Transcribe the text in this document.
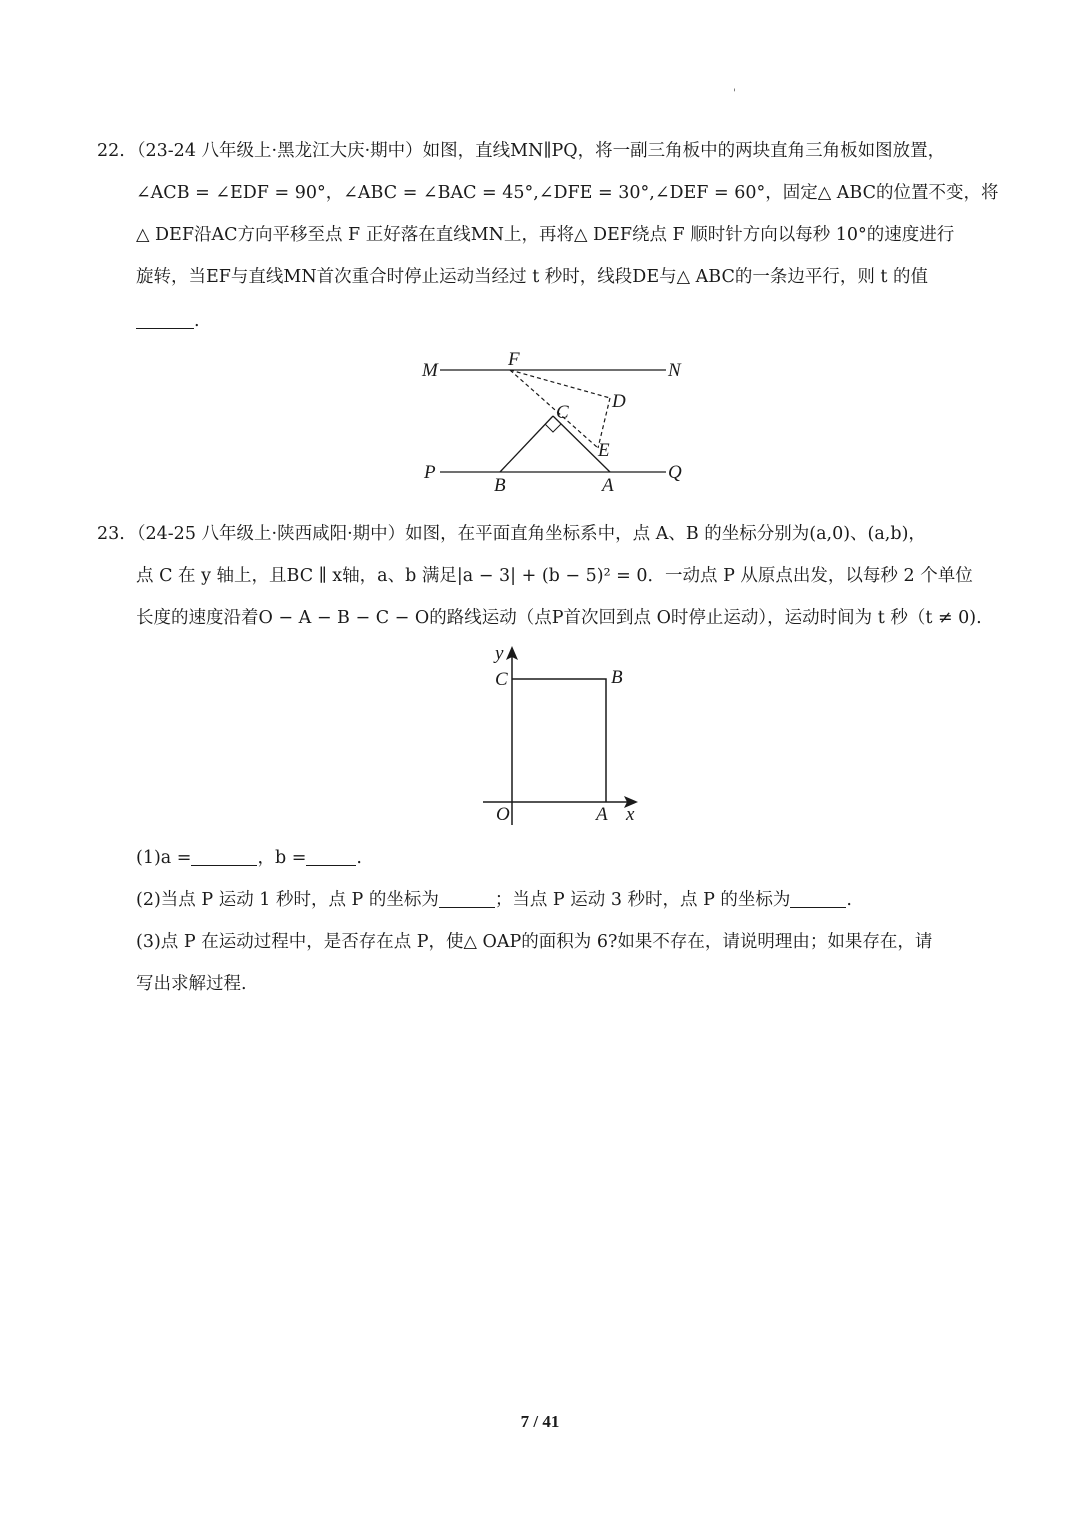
'
22. （23-24 八年级上·黑龙江大庆·期中）如图，直线MN∥PQ，将一副三角板中的两块直角三角板如图放置，
∠ACB = ∠EDF = 90°，∠ABC = ∠BAC = 45°,∠DFE = 30°,∠DEF = 60°，固定△ ABC的位置不变，将
△ DEF沿AC方向平移至点 F 正好落在直线MN上，再将△ DEF绕点 F 顺时针方向以每秒 10°的速度进行
旋转，当EF与直线MN首次重合时停止运动当经过 t 秒时，线段DE与△ ABC的一条边平行，则 t 的值
.
M	N
F
D
C
E
P	Q
B	A
23. （24-25 八年级上·陕西咸阳·期中）如图，在平面直角坐标系中，点 A、B 的坐标分别为(a,0)、(a,b)，
点 C 在 y 轴上，且BC ∥ x轴，a、b 满足|a − 3| + (b − 5)² = 0．一动点 P 从原点出发，以每秒 2 个单位
长度的速度沿着O − A − B − C − O的路线运动（点P首次回到点 O时停止运动），运动时间为 t 秒（t ≠ 0).
y
C	B
O	A x
(1)a =	，b =	.
(2)当点 P 运动 1 秒时，点 P 的坐标为	；当点 P 运动 3 秒时，点 P 的坐标为	.
(3)点 P 在运动过程中，是否存在点 P，使△ OAP的面积为 6?如果不存在，请说明理由；如果存在，请
写出求解过程.
7 / 41
